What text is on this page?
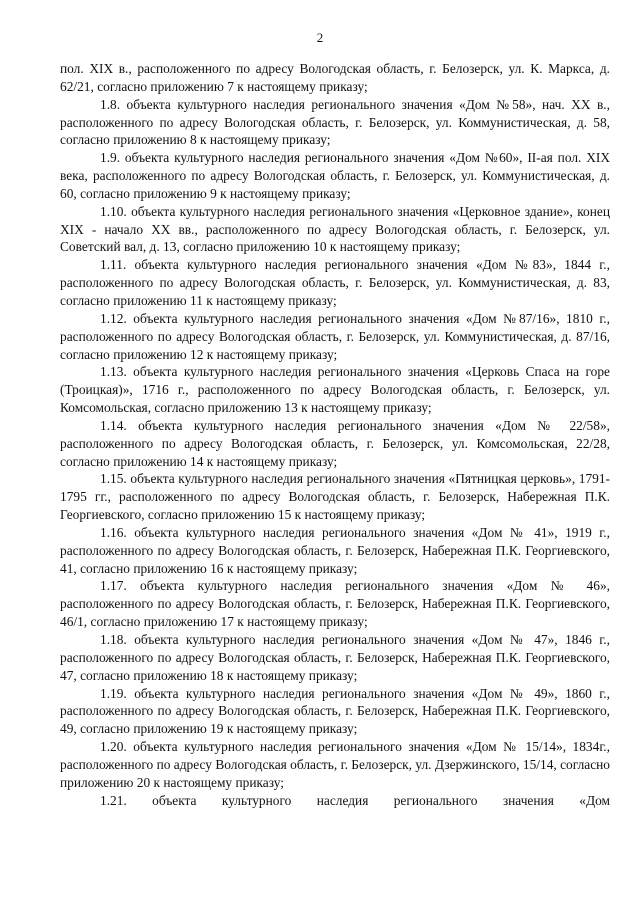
2

пол. XIX в., расположенного по адресу Вологодская область, г. Белозерск, ул. К. Маркса, д. 62/21, согласно приложению 7 к настоящему приказу;

1.8. объекта культурного наследия регионального значения «Дом №58», нач. XX в., расположенного по адресу Вологодская область, г. Белозерск, ул. Коммунистическая, д. 58, согласно приложению 8 к настоящему приказу;

1.9. объекта культурного наследия регионального значения «Дом №60», II-ая пол. XIX века, расположенного по адресу Вологодская область, г. Белозерск, ул. Коммунистическая, д. 60, согласно приложению 9 к настоящему приказу;

1.10. объекта культурного наследия регионального значения «Церковное здание», конец XIX - начало XX вв., расположенного по адресу Вологодская область, г. Белозерск, ул. Советский вал, д. 13, согласно приложению 10 к настоящему приказу;

1.11. объекта культурного наследия регионального значения «Дом №83», 1844 г., расположенного по адресу Вологодская область, г. Белозерск, ул. Коммунистическая, д. 83, согласно приложению 11 к настоящему приказу;

1.12. объекта культурного наследия регионального значения «Дом №87/16», 1810 г., расположенного по адресу Вологодская область, г. Белозерск, ул. Коммунистическая, д. 87/16, согласно приложению 12 к настоящему приказу;

1.13. объекта культурного наследия регионального значения «Церковь Спаса на горе (Троицкая)», 1716 г., расположенного по адресу Вологодская область, г. Белозерск, ул. Комсомольская, согласно приложению 13 к настоящему приказу;

1.14. объекта культурного наследия регионального значения «Дом № 22/58», расположенного по адресу Вологодская область, г. Белозерск, ул. Комсомольская, 22/28, согласно приложению 14 к настоящему приказу;

1.15. объекта культурного наследия регионального значения «Пятницкая церковь», 1791-1795 гг., расположенного по адресу Вологодская область, г. Белозерск, Набережная П.К. Георгиевского, согласно приложению 15 к настоящему приказу;

1.16. объекта культурного наследия регионального значения «Дом № 41», 1919 г., расположенного по адресу Вологодская область, г. Белозерск, Набережная П.К. Георгиевского, 41, согласно приложению 16 к настоящему приказу;

1.17. объекта культурного наследия регионального значения «Дом № 46», расположенного по адресу Вологодская область, г. Белозерск, Набережная П.К. Георгиевского, 46/1, согласно приложению 17 к настоящему приказу;

1.18. объекта культурного наследия регионального значения «Дом № 47», 1846 г., расположенного по адресу Вологодская область, г. Белозерск, Набережная П.К. Георгиевского, 47, согласно приложению 18 к настоящему приказу;

1.19. объекта культурного наследия регионального значения «Дом № 49», 1860 г., расположенного по адресу Вологодская область, г. Белозерск, Набережная П.К. Георгиевского, 49, согласно приложению 19 к настоящему приказу;

1.20. объекта культурного наследия регионального значения «Дом № 15/14», 1834г., расположенного по адресу Вологодская область, г. Белозерск, ул. Дзержинского, 15/14, согласно приложению 20 к настоящему приказу;

1.21. объекта культурного наследия регионального значения «Дом
